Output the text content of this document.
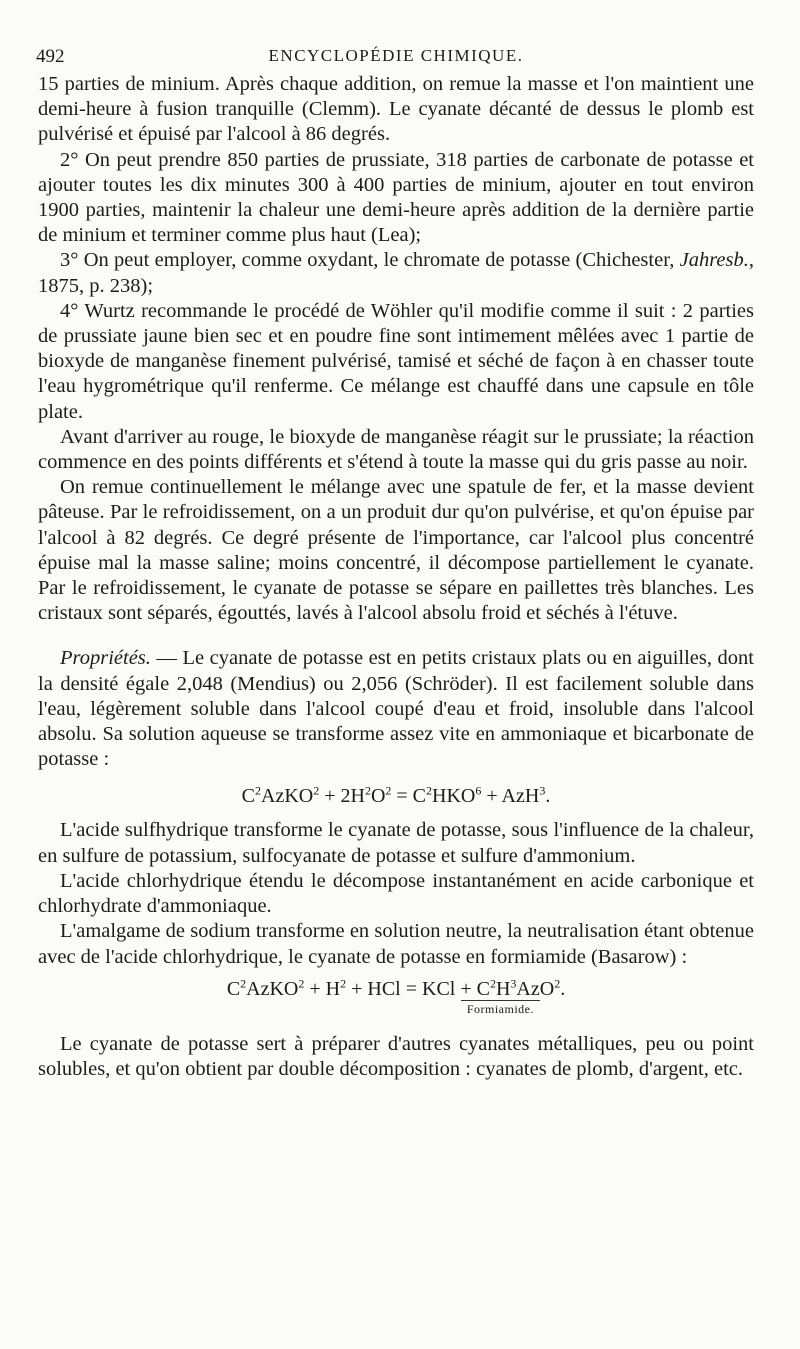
492	ENCYCLOPÉDIE CHIMIQUE.

15 parties de minium. Après chaque addition, on remue la masse et l'on maintient une demi-heure à fusion tranquille (Clemm). Le cyanate décanté de dessus le plomb est pulvérisé et épuisé par l'alcool à 86 degrés.

2° On peut prendre 850 parties de prussiate, 318 parties de carbonate de potasse et ajouter toutes les dix minutes 300 à 400 parties de minium, ajouter en tout environ 1900 parties, maintenir la chaleur une demi-heure après addition de la dernière partie de minium et terminer comme plus haut (Lea);

3° On peut employer, comme oxydant, le chromate de potasse (Chichester, Jahresb., 1875, p. 238);

4° Wurtz recommande le procédé de Wöhler qu'il modifie comme il suit : 2 parties de prussiate jaune bien sec et en poudre fine sont intimement mêlées avec 1 partie de bioxyde de manganèse finement pulvérisé, tamisé et séché de façon à en chasser toute l'eau hygrométrique qu'il renferme. Ce mélange est chauffé dans une capsule en tôle plate.

Avant d'arriver au rouge, le bioxyde de manganèse réagit sur le prussiate; la réaction commence en des points différents et s'étend à toute la masse qui du gris passe au noir.

On remue continuellement le mélange avec une spatule de fer, et la masse devient pâteuse. Par le refroidissement, on a un produit dur qu'on pulvérise, et qu'on épuise par l'alcool à 82 degrés. Ce degré présente de l'importance, car l'alcool plus concentré épuise mal la masse saline; moins concentré, il décompose partiellement le cyanate. Par le refroidissement, le cyanate de potasse se sépare en paillettes très blanches. Les cristaux sont séparés, égouttés, lavés à l'alcool absolu froid et séchés à l'étuve.

Propriétés. — Le cyanate de potasse est en petits cristaux plats ou en aiguilles, dont la densité égale 2,048 (Mendius) ou 2,056 (Schröder). Il est facilement soluble dans l'eau, légèrement soluble dans l'alcool coupé d'eau et froid, insoluble dans l'alcool absolu. Sa solution aqueuse se transforme assez vite en ammoniaque et bicarbonate de potasse :

$C^2AzKO^2 + 2H^2O^2 = C^2HKO^6 + AzH^3$.

L'acide sulfhydrique transforme le cyanate de potasse, sous l'influence de la chaleur, en sulfure de potassium, sulfocyanate de potasse et sulfure d'ammonium.

L'acide chlorhydrique étendu le décompose instantanément en acide carbonique et chlorhydrate d'ammoniaque.

L'amalgame de sodium transforme en solution neutre, la neutralisation étant obtenue avec de l'acide chlorhydrique, le cyanate de potasse en formiamide (Basarow) :

$C^2AzKO^2 + H^2$ + HCl = KCl + $C^2H^3AzO^2$.
Formiamide.

Le cyanate de potasse sert à préparer d'autres cyanates métalliques, peu ou point solubles, et qu'on obtient par double décomposition : cyanates de plomb, d'argent, etc.
